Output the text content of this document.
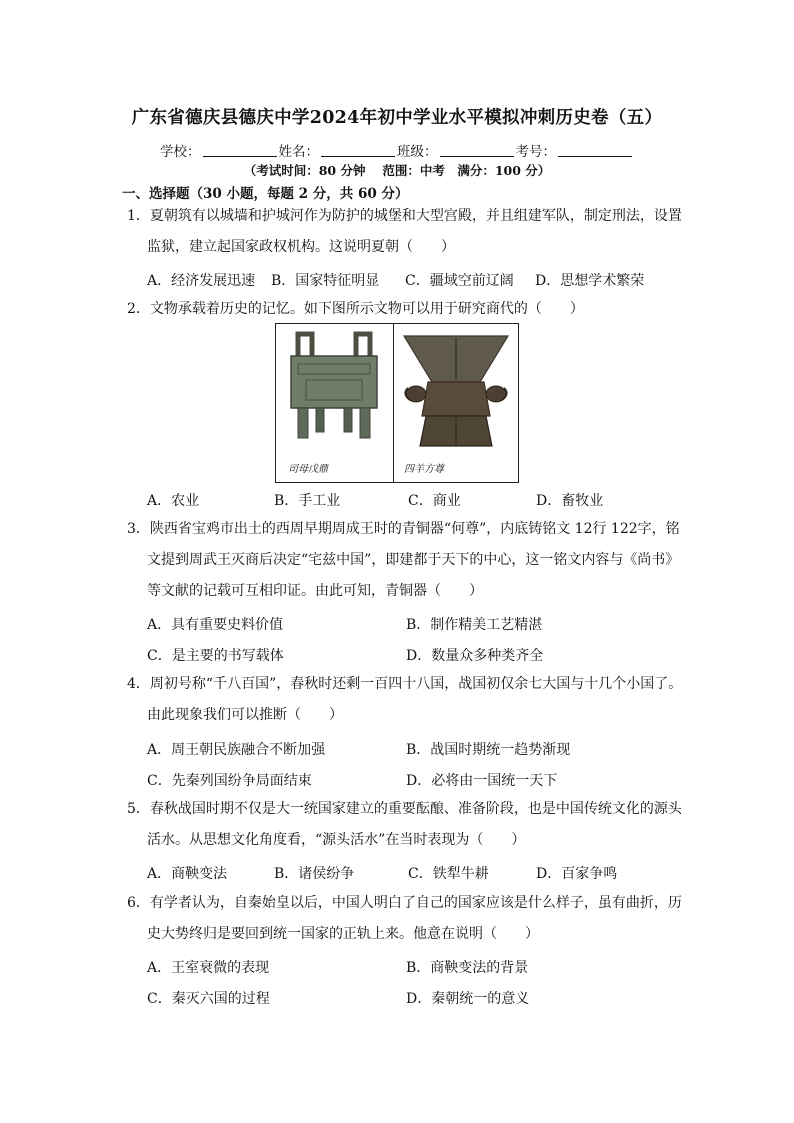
广东省德庆县德庆中学2024年初中学业水平模拟冲刺历史卷（五）
学校：	姓名：	班级：	考号：
（考试时间：80 分钟　 范围：中考　满分：100 分）
一、选择题（30 小题，每题 2 分，共 60 分）
1．夏朝筑有以城墙和护城河作为防护的城堡和大型宫殿，并且组建军队，制定刑法，设置
监狱，建立起国家政权机构。这说明夏朝（　　）
A．经济发展迅速 B．国家特征明显 C．疆域空前辽阔 D．思想学术繁荣
2．文物承载着历史的记忆。如下图所示文物可以用于研究商代的（　　）
司母戊鼎	四羊方尊
A．农业	B．手工业	C．商业	D．畜牧业
3．陕西省宝鸡市出土的西周早期周成王时的青铜器“何尊”，内底铸铭文 12行 122字，铭
文提到周武王灭商后决定“宅兹中国”，即建都于天下的中心，这一铭文内容与《尚书》
等文献的记载可互相印证。由此可知，青铜器（　　）
A．具有重要史料价值	B．制作精美工艺精湛
C．是主要的书写载体	D．数量众多种类齐全
4．周初号称“千八百国”，春秋时还剩一百四十八国，战国初仅余七大国与十几个小国了。
由此现象我们可以推断（　　）
A．周王朝民族融合不断加强	B．战国时期统一趋势渐现
C．先秦列国纷争局面结束	D．必将由一国统一天下
5．春秋战国时期不仅是大一统国家建立的重要酝酿、准备阶段，也是中国传统文化的源头
活水。从思想文化角度看，“源头活水”在当时表现为（　　）
A．商鞅变法	B．诸侯纷争	C．铁犁牛耕	D．百家争鸣
6．有学者认为，自秦始皇以后，中国人明白了自己的国家应该是什么样子，虽有曲折，历
史大势终归是要回到统一国家的正轨上来。他意在说明（　　）
A．王室衰微的表现	B．商鞅变法的背景
C．秦灭六国的过程	D．秦朝统一的意义
